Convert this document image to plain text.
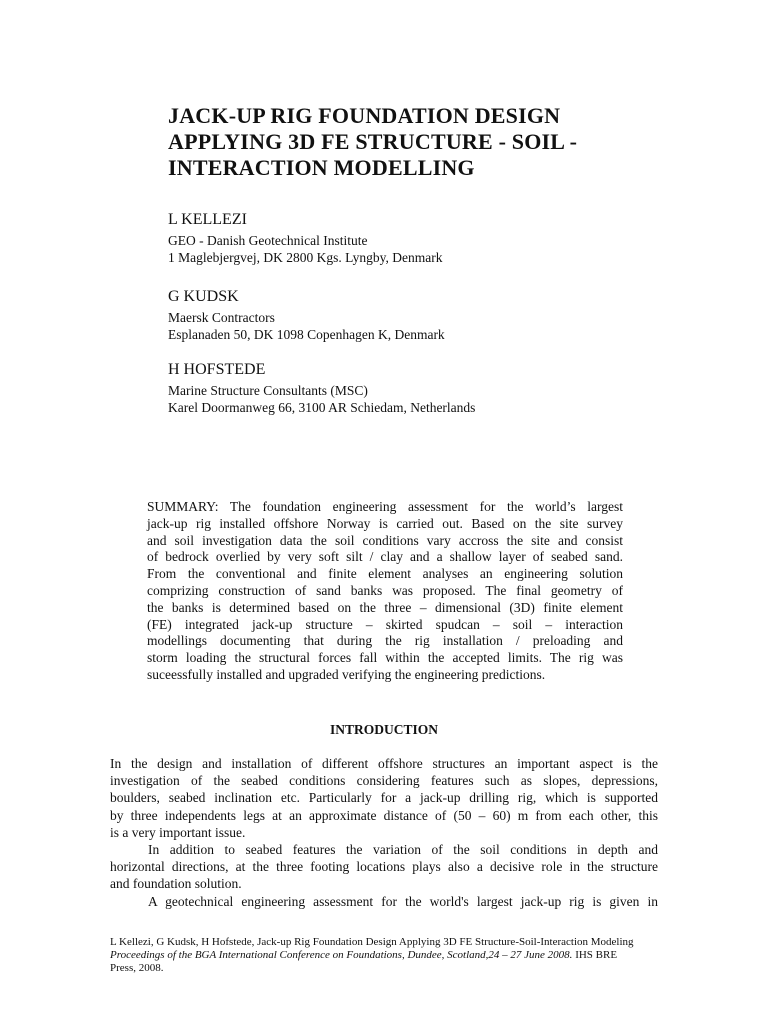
JACK-UP RIG FOUNDATION DESIGN
APPLYING 3D FE STRUCTURE - SOIL -
INTERACTION MODELLING
L KELLEZI
GEO - Danish Geotechnical Institute
1 Maglebjergvej, DK 2800 Kgs. Lyngby, Denmark
G KUDSK
Maersk Contractors
Esplanaden 50, DK 1098 Copenhagen K, Denmark
H HOFSTEDE
Marine Structure Consultants (MSC)
Karel Doormanweg 66, 3100 AR Schiedam, Netherlands
SUMMARY: The foundation engineering assessment for the world’s largest
jack-up rig installed offshore Norway is carried out. Based on the site survey
and soil investigation data the soil conditions vary accross the site and consist
of bedrock overlied by very soft silt / clay and a shallow layer of seabed sand.
From the conventional and finite element analyses an engineering solution
comprizing construction of sand banks was proposed. The final geometry of
the banks is determined based on the three – dimensional (3D) finite element
(FE) integrated jack-up structure – skirted spudcan – soil – interaction
modellings documenting that during the rig installation / preloading and
storm loading the structural forces fall within the accepted limits. The rig was
suceessfully installed and upgraded verifying the engineering predictions.
INTRODUCTION
In the design and installation of different offshore structures an important aspect is the
investigation of the seabed conditions considering features such as slopes, depressions,
boulders, seabed inclination etc. Particularly for a jack-up drilling rig, which is supported
by three independents legs at an approximate distance of (50 – 60) m from each other, this
is a very important issue.
In addition to seabed features the variation of the soil conditions in depth and
horizontal directions, at the three footing locations plays also a decisive role in the structure
and foundation solution.
A geotechnical engineering assessment for the world's largest jack-up rig is given in
L Kellezi, G Kudsk, H Hofstede, Jack-up Rig Foundation Design Applying 3D FE Structure-Soil-Interaction Modeling
Proceedings of the BGA International Conference on Foundations, Dundee, Scotland,24 – 27 June 2008. IHS BRE
Press, 2008.
